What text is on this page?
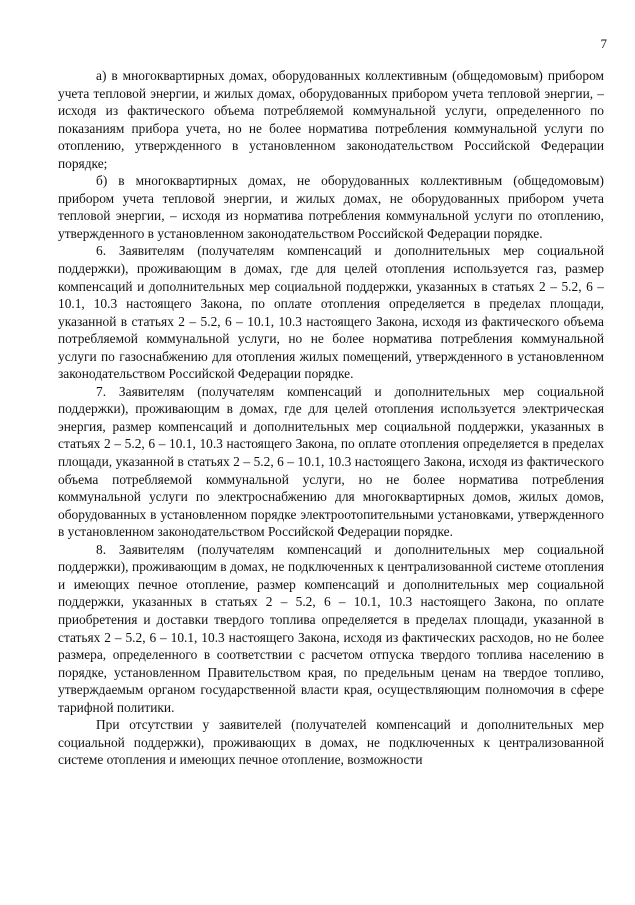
7

а) в многоквартирных домах, оборудованных коллективным (общедомовым) прибором учета тепловой энергии, и жилых домах, оборудованных прибором учета тепловой энергии, – исходя из фактического объема потребляемой коммунальной услуги, определенного по показаниям прибора учета, но не более норматива потребления коммунальной услуги по отоплению, утвержденного в установленном законодательством Российской Федерации порядке;

б) в многоквартирных домах, не оборудованных коллективным (общедомовым) прибором учета тепловой энергии, и жилых домах, не оборудованных прибором учета тепловой энергии, – исходя из норматива потребления коммунальной услуги по отоплению, утвержденного в установленном законодательством Российской Федерации порядке.

6. Заявителям (получателям компенсаций и дополнительных мер социальной поддержки), проживающим в домах, где для целей отопления используется газ, размер компенсаций и дополнительных мер социальной поддержки, указанных в статьях 2 – 5.2, 6 – 10.1, 10.3 настоящего Закона, по оплате отопления определяется в пределах площади, указанной в статьях 2 – 5.2, 6 – 10.1, 10.3 настоящего Закона, исходя из фактического объема потребляемой коммунальной услуги, но не более норматива потребления коммунальной услуги по газоснабжению для отопления жилых помещений, утвержденного в установленном законодательством Российской Федерации порядке.

7. Заявителям (получателям компенсаций и дополнительных мер социальной поддержки), проживающим в домах, где для целей отопления используется электрическая энергия, размер компенсаций и дополнительных мер социальной поддержки, указанных в статьях 2 – 5.2, 6 – 10.1, 10.3 настоящего Закона, по оплате отопления определяется в пределах площади, указанной в статьях 2 – 5.2, 6 – 10.1, 10.3 настоящего Закона, исходя из фактического объема потребляемой коммунальной услуги, но не более норматива потребления коммунальной услуги по электроснабжению для многоквартирных домов, жилых домов, оборудованных в установленном порядке электроотопительными установками, утвержденного в установленном законодательством Российской Федерации порядке.

8. Заявителям (получателям компенсаций и дополнительных мер социальной поддержки), проживающим в домах, не подключенных к централизованной системе отопления и имеющих печное отопление, размер компенсаций и дополнительных мер социальной поддержки, указанных в статьях 2 – 5.2, 6 – 10.1, 10.3 настоящего Закона, по оплате приобретения и доставки твердого топлива определяется в пределах площади, указанной в статьях 2 – 5.2, 6 – 10.1, 10.3 настоящего Закона, исходя из фактических расходов, но не более размера, определенного в соответствии с расчетом отпуска твердого топлива населению в порядке, установленном Правительством края, по предельным ценам на твердое топливо, утверждаемым органом государственной власти края, осуществляющим полномочия в сфере тарифной политики.

При отсутствии у заявителей (получателей компенсаций и дополнительных мер социальной поддержки), проживающих в домах, не подключенных к централизованной системе отопления и имеющих печное отопление, возможности
